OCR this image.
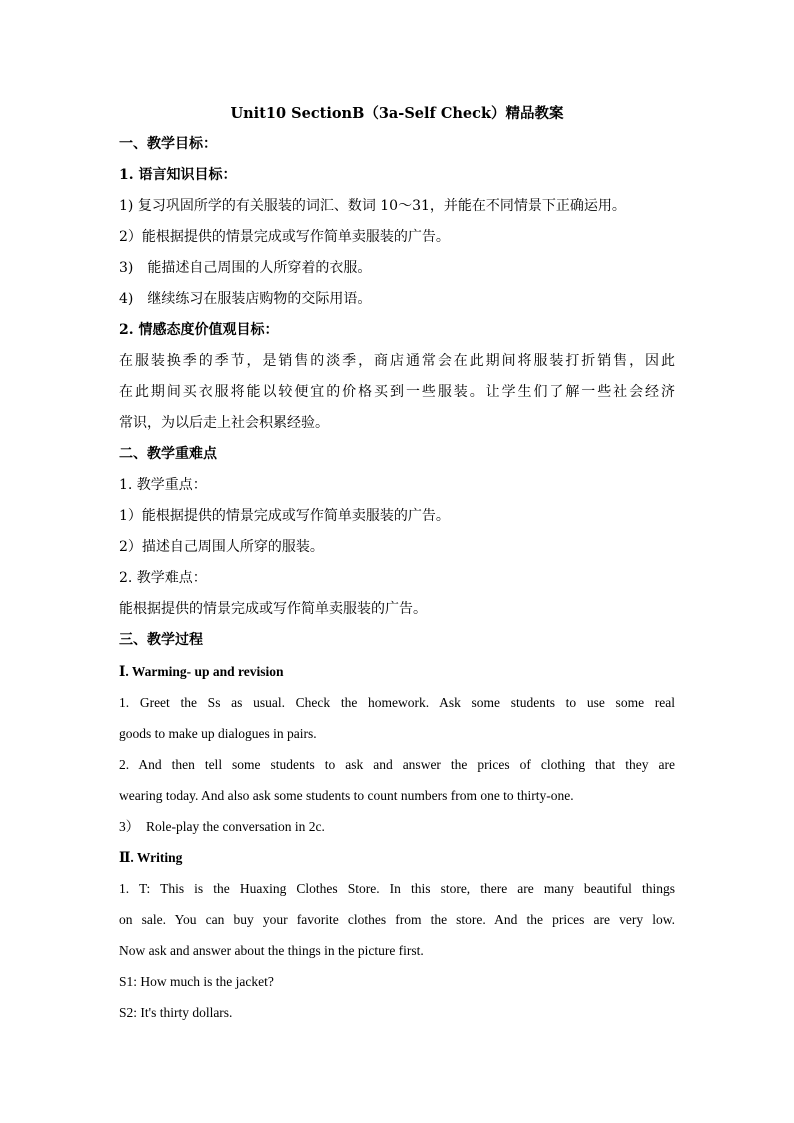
Unit10 SectionB（3a-Self Check）精品教案

一、教学目标：

1. 语言知识目标：

1) 复习巩固所学的有关服装的词汇、数词 10～31，并能在不同情景下正确运用。

2）能根据提供的情景完成或写作简单卖服装的广告。

3)　能描述自己周围的人所穿着的衣服。

4)　继续练习在服装店购物的交际用语。

2. 情感态度价值观目标：

在服装换季的季节，是销售的淡季，商店通常会在此期间将服装打折销售，因此

在此期间买衣服将能以较便宜的价格买到一些服装。让学生们了解一些社会经济

常识，为以后走上社会积累经验。

二、教学重难点

1. 教学重点：

1）能根据提供的情景完成或写作简单卖服装的广告。

2）描述自己周围人所穿的服装。

2. 教学难点：

能根据提供的情景完成或写作简单卖服装的广告。

三、教学过程

Ⅰ. Warming- up and revision

1. Greet the Ss as usual. Check the homework. Ask some students to use some real

goods to make up dialogues in pairs.

2. And then tell some students to ask and answer the prices of clothing that they are

wearing today. And also ask some students to count numbers from one to thirty-one.

3）　Role-play the conversation in 2c.

Ⅱ. Writing

1. T: This is the Huaxing Clothes Store. In this store, there are many beautiful things

on sale. You can buy your favorite clothes from the store. And the prices are very low.

Now ask and answer about the things in the picture first.

S1: How much is the jacket?

S2: It's thirty dollars.
